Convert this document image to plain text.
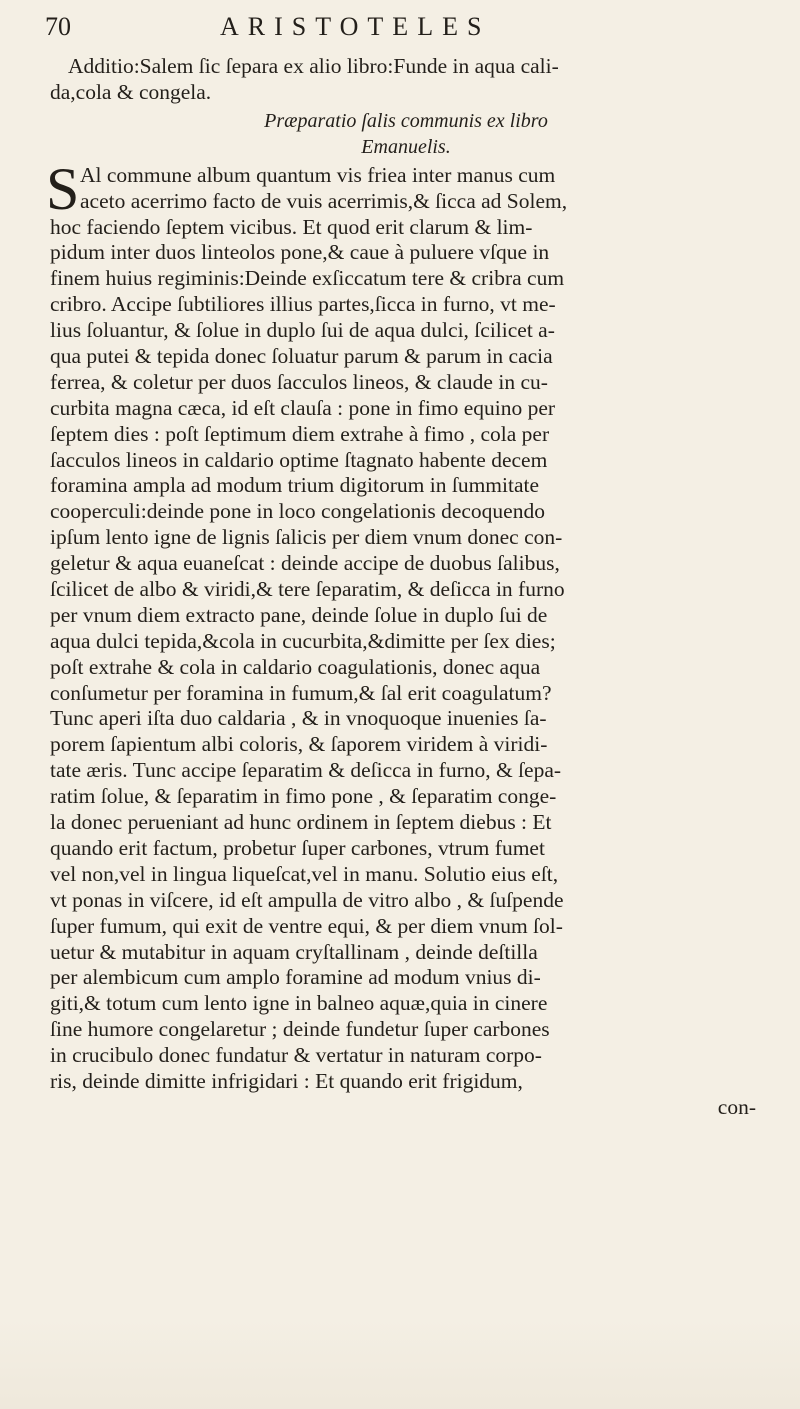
70	ARISTOTELES
Additio:Salem ſic ſepara ex alio libro:Funde in aqua cali-
da,cola & congela.
Præparatio ſalis communis ex libro
Emanuelis.
S Al commune album quantum vis friea inter manus cum
aceto acerrimo facto de vuis acerrimis,& ſicca ad Solem,
hoc faciendo ſeptem vicibus. Et quod erit clarum & lim-
pidum inter duos linteolos pone,& caue à puluere vſque in
finem huius regiminis:Deinde exſiccatum tere & cribra cum
cribro. Accipe ſubtiliores illius partes,ſicca in furno, vt me-
lius ſoluantur, & ſolue in duplo ſui de aqua dulci, ſcilicet a-
qua putei & tepida donec ſoluatur parum & parum in cacia
ferrea, & coletur per duos ſacculos lineos, & claude in cu-
curbita magna cæca, id eſt clauſa : pone in fimo equino per
ſeptem dies : poſt ſeptimum diem extrahe à fimo , cola per
ſacculos lineos in caldario optime ſtagnato habente decem
foramina ampla ad modum trium digitorum in ſummitate
cooperculi:deinde pone in loco congelationis decoquendo
ipſum lento igne de lignis ſalicis per diem vnum donec con-
geletur & aqua euaneſcat : deinde accipe de duobus ſalibus,
ſcilicet de albo & viridi,& tere ſeparatim, & deſicca in furno
per vnum diem extracto pane, deinde ſolue in duplo ſui de
aqua dulci tepida,&cola in cucurbita,&dimitte per ſex dies;
poſt extrahe & cola in caldario coagulationis, donec aqua
conſumetur per foramina in fumum,& ſal erit coagulatum?
Tunc aperi iſta duo caldaria , & in vnoquoque inuenies ſa-
porem ſapientum albi coloris, & ſaporem viridem à viridi-
tate æris. Tunc accipe ſeparatim & deſicca in furno, & ſepa-
ratim ſolue, & ſeparatim in fimo pone , & ſeparatim conge-
la donec perueniant ad hunc ordinem in ſeptem diebus : Et
quando erit factum, probetur ſuper carbones, vtrum fumet
vel non,vel in lingua liqueſcat,vel in manu. Solutio eius eſt,
vt ponas in viſcere, id eſt ampulla de vitro albo , & ſuſpende
ſuper fumum, qui exit de ventre equi, & per diem vnum ſol-
uetur & mutabitur in aquam cryſtallinam , deinde deſtilla
per alembicum cum amplo foramine ad modum vnius di-
giti,& totum cum lento igne in balneo aquæ,quia in cinere
ſine humore congelaretur ; deinde fundetur ſuper carbones
in crucibulo donec fundatur & vertatur in naturam corpo-
ris, deinde dimitte infrigidari : Et quando erit frigidum,
con-
